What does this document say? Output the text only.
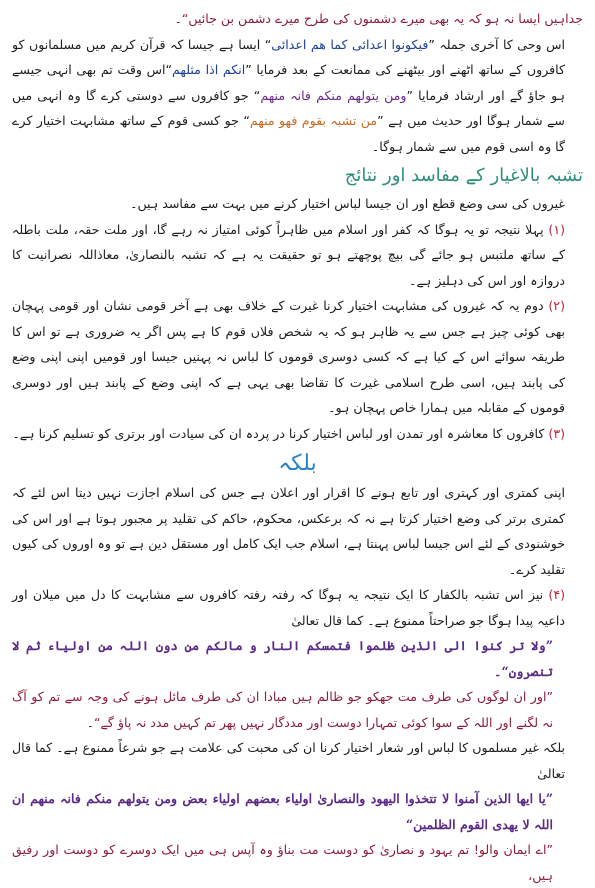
جداہیں ایسا نہ ہو کہ یہ بھی میرے دشمنوں کی طرح میرے دشمن بن جائیں“۔

اس وحی کا آخری جملہ ”فیکونوا اعدائی کما ھم اعدائی“ ایسا ہے جیسا کہ قرآن کریم میں مسلمانوں کو کافروں کے ساتھ اٹھنے اور بیٹھنے کی ممانعت کے بعد فرمایا ”انکم اذا مثلھم“اس وقت تم بھی انہی جیسے ہو جاؤ گے اور ارشاد فرمایا ”ومن یتولھم منکم فانہ منھم“ جو کافروں سے دوستی کرے گا وہ انہی میں سے شمار ہوگا اور حدیث میں ہے ”من تشبہ بقوم فھو منھم“ جو کسی قوم کے ساتھ مشابہت اختیار کرے گا وہ اسی قوم میں سے شمار ہوگا۔

تشبہ بالاغیار کے مفاسد اور نتائج

غیروں کی سی وضع قطع اور ان جیسا لباس اختیار کرنے میں بہت سے مفاسد ہیں۔

(۱) پہلا نتیجہ تو یہ ہوگا کہ کفر اور اسلام میں ظاہراً کوئی امتیاز نہ رہے گا، اور ملت حقہ، ملت باطلہ کے ساتھ ملتبس ہو جائے گی بیچ پوچھتے ہو تو حقیقت یہ ہے کہ تشبہ بالنصاریٰ، معاذاللہ نصرانیت کا دروازہ اور اس کی دہلیز ہے۔

(۲) دوم یہ کہ غیروں کی مشابہت اختیار کرنا غیرت کے خلاف بھی ہے آخر قومی نشان اور قومی پہچان بھی کوئی چیز ہے جس سے یہ ظاہر ہو کہ یہ شخص فلاں قوم کا ہے پس اگر یہ ضروری ہے تو اس کا طریقہ سوائے اس کے کیا ہے کہ کسی دوسری قوموں کا لباس نہ پہنیں جیسا اور قومیں اپنی اپنی وضع کی پابند ہیں، اسی طرح اسلامی غیرت کا تقاضا بھی یہی ہے کہ اپنی وضع کے پابند ہیں اور دوسری قوموں کے مقابلہ میں ہمارا خاص پہچان ہو۔

(۳) کافروں کا معاشرہ اور تمدن اور لباس اختیار کرنا در پردہ ان کی سیادت اور برتری کو تسلیم کرنا ہے۔

بلکہ

اپنی کمتری اور کہتری اور تابع ہونے کا اقرار اور اعلان ہے جس کی اسلام اجازت نہیں دیتا اس لئے کہ کمتری برتر کی وضع اختیار کرتا ہے نہ کہ برعکس، محکوم، حاکم کی تقلید پر مجبور ہوتا ہے اور اس کی خوشنودی کے لئے اس جیسا لباس پہنتا ہے، اسلام جب ایک کامل اور مستقل دین ہے تو وہ اوروں کی کیوں تقلید کرے۔

(۴) نیز اس تشبہ بالکفار کا ایک نتیجہ یہ ہوگا کہ رفتہ رفتہ کافروں سے مشابہت کا دل میں میلان اور داعیہ پیدا ہوگا جو صراحتاً ممنوع ہے۔ کما قال تعالیٰ

”ولا تر کنوا الی الذین ظلموا فتمسکم النار و مالکم من دون اللہ من اولیاء ثم لا تنصرون“۔

”اور ان لوگوں کی طرف مت جھکو جو ظالم ہیں مبادا ان کی طرف مائل ہونے کی وجہ سے تم کو آگ نہ لگنے اور اللہ کے سوا کوئی تمہارا دوست اور مددگار نہیں پھر تم کہیں مدد نہ پاؤ گے“۔

بلکہ غیر مسلموں کا لباس اور شعار اختیار کرنا ان کی محبت کی علامت ہے جو شرعاً ممنوع ہے۔ کما قال تعالیٰ

”یا ایھا الذین آمنوا لا تتخذوا الیھود والنصاریٰ اولیاء بعضھم اولیاء بعض ومن یتولھم منکم فانہ منھم ان اللہ لا یھدی القوم الظلمین“

”اے ایمان والو! تم یہود و نصاریٰ کو دوست مت بناؤ وہ آپس ہی میں ایک دوسرے کو دوست اور رفیق ہیں،
